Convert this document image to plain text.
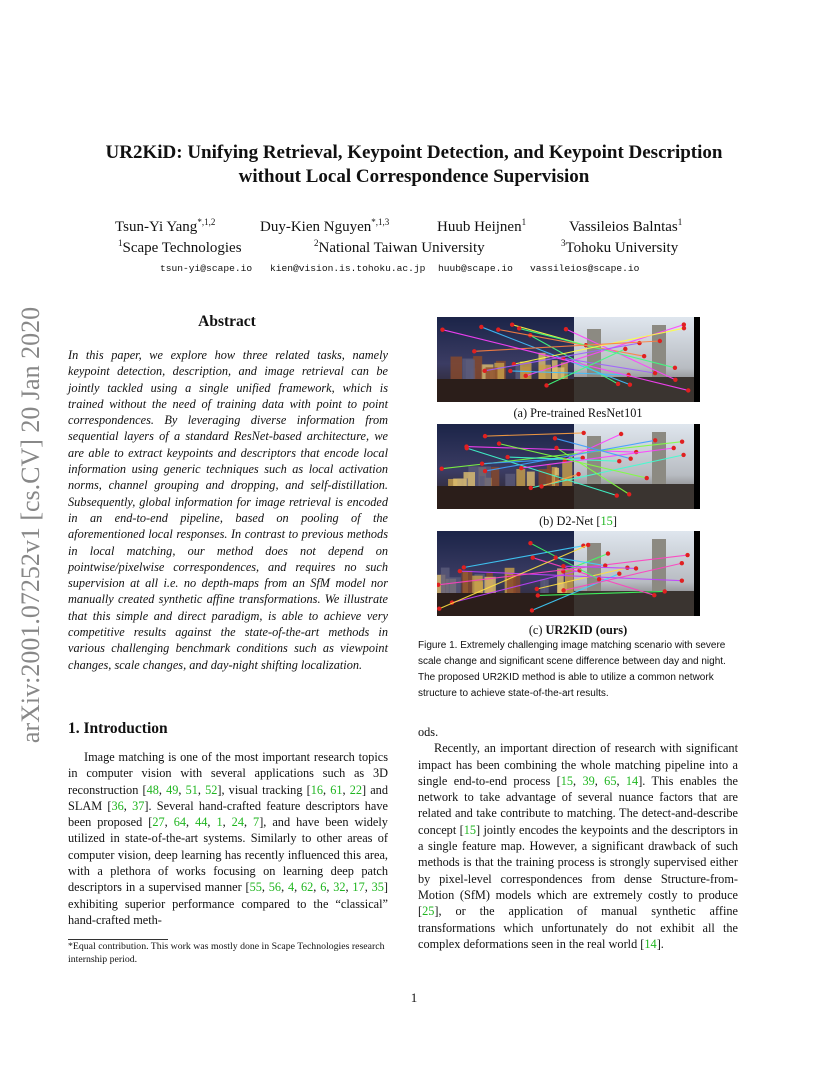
UR2KiD: Unifying Retrieval, Keypoint Detection, and Keypoint Description
without Local Correspondence Supervision
Tsun-Yi Yang$^{*,1,2}$	Duy-Kien Nguyen$^{*,1,3}$	Huub Heijnen$^1$	Vassileios Balntas$^1$
$^1$Scape Technologies	$^2$National Taiwan University	$^3$Tohoku University
tsun-yi@scape.io kien@vision.is.tohoku.ac.jp huub@scape.io vassileios@scape.io
arXiv:2001.07252v1 [cs.CV] 20 Jan 2020	Abstract
In this paper, we explore how three related tasks, namely keypoint detection, description, and image retrieval can be jointly tackled using a single unified framework, which is trained without the need of training data with point to point correspondences. By leveraging diverse information from sequential layers of a standard ResNet-based architecture, we are able to extract keypoints and descriptors that encode local information using generic techniques such as local activation norms, channel grouping and dropping, and self-distillation. Subsequently, global information for image retrieval is encoded in an end-to-end pipeline, based on pooling of the aforementioned local responses. In contrast to previous methods in local matching, our method does not depend on pointwise/pixelwise correspondences, and requires no such supervision at all i.e. no depth-maps from an SfM model nor manually created synthetic affine transformations. We illustrate that this simple and direct paradigm, is able to achieve very competitive results against the state-of-the-art methods in various challenging benchmark conditions such as viewpoint changes, scale changes, and day-night shifting localization.
1. Introduction
Image matching is one of the most important research topics in computer vision with several applications such as 3D reconstruction [48, 49, 51, 52], visual tracking [16, 61, 22] and SLAM [36, 37]. Several hand-crafted feature descriptors have been proposed [27, 64, 44, 1, 24, 7], and have been widely utilized in state-of-the-art systems. Similarly to other areas of computer vision, deep learning has recently influenced this area, with a plethora of works focusing on learning deep patch descriptors in a supervised manner [55, 56, 4, 62, 6, 32, 17, 35] exhibiting superior performance compared to the “classical” hand-crafted meth-
ods.
Recently, an important direction of research with significant impact has been combining the whole matching pipeline into a single end-to-end process [15, 39, 65, 14]. This enables the network to take advantage of several nuance factors that are related and take contribute to matching. The detect-and-describe concept [15] jointly encodes the keypoints and the descriptors in a single feature map. However, a significant drawback of such methods is that the training process is strongly supervised either by pixel-level correspondences from dense Structure-from-Motion (SfM) models which are extremely costly to produce [25], or the application of manual synthetic affine transformations which unfortunately do not exhibit all the complex deformations seen in the real world [14].
*Equal contribution. This work was mostly done in Scape Technologies research internship period.
(a) Pre-trained ResNet101
(b) D2-Net [15]
(c) UR2KID (ours)
Figure 1. Extremely challenging image matching scenario with severe scale change and significant scene difference between day and night. The proposed UR2KID method is able to utilize a common network structure to achieve state-of-the-art results.
1
